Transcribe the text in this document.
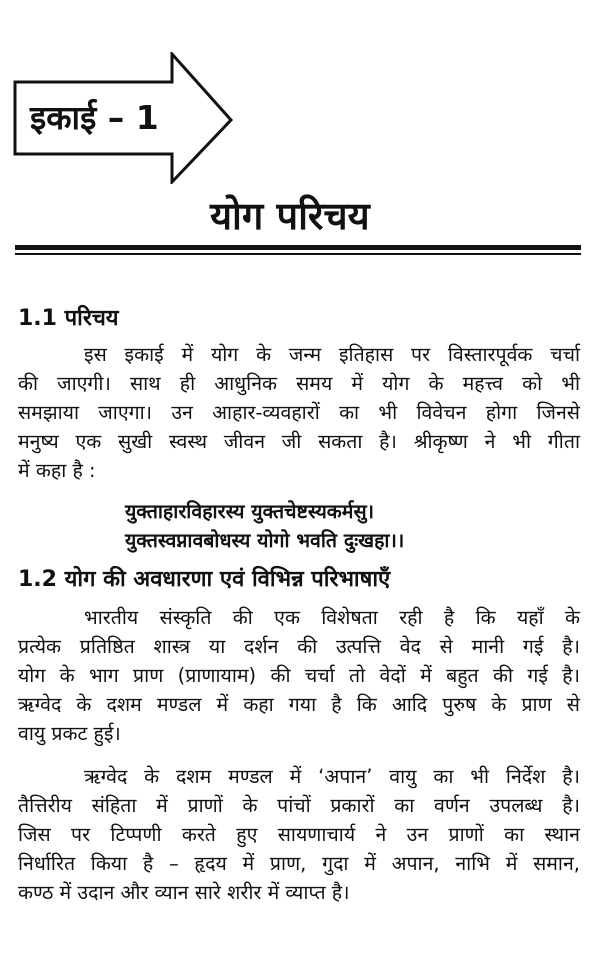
इकाई – 1
योग परिचय
1.1 परिचय
इस इकाई में योग के जन्म इतिहास पर विस्तारपूर्वक चर्चा
की जाएगी। साथ ही आधुनिक समय में योग के महत्त्व को भी
समझाया जाएगा। उन आहार-व्यवहारों का भी विवेचन होगा जिनसे
मनुष्य एक सुखी स्वस्थ जीवन जी सकता है। श्रीकृष्ण ने भी गीता
में कहा है :
युक्ताहारविहारस्य युक्तचेष्टस्यकर्मसु।
युक्तस्वप्नावबोधस्य योगो भवति दुःखहा।।
1.2 योग की अवधारणा एवं विभिन्न परिभाषाएँ
भारतीय संस्कृति की एक विशेषता रही है कि यहाँ के
प्रत्येक प्रतिष्ठित शास्त्र या दर्शन की उत्पत्ति वेद से मानी गई है।
योग के भाग प्राण (प्राणायाम) की चर्चा तो वेदों में बहुत की गई है।
ऋग्वेद के दशम मण्डल में कहा गया है कि आदि पुरुष के प्राण से
वायु प्रकट हुई।
ऋग्वेद के दशम मण्डल में ‘अपान’ वायु का भी निर्देश है।
तैत्तिरीय संहिता में प्राणों के पांचों प्रकारों का वर्णन उपलब्ध है।
जिस पर टिप्पणी करते हुए सायणाचार्य ने उन प्राणों का स्थान
निर्धारित किया है – हृदय में प्राण, गुदा में अपान, नाभि में समान,
कण्ठ में उदान और व्यान सारे शरीर में व्याप्त है।
